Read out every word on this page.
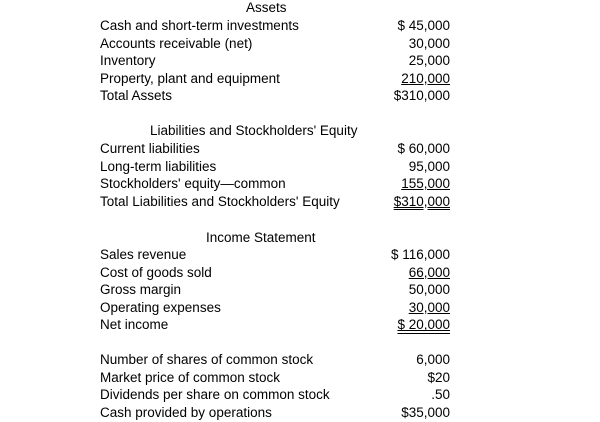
Assets
Cash and short-term investments	$ 45,000
Accounts receivable (net)	30,000
Inventory	25,000
Property, plant and equipment	210,000
Total Assets	$310,000
Liabilities and Stockholders' Equity
Current liabilities	$ 60,000
Long-term liabilities	95,000
Stockholders' equity—common	155,000
Total Liabilities and Stockholders' Equity	$310,000
Income Statement
Sales revenue	$ 116,000
Cost of goods sold	66,000
Gross margin	50,000
Operating expenses	30,000
Net income	$ 20,000
Number of shares of common stock	6,000
Market price of common stock	$20
Dividends per share on common stock	.50
Cash provided by operations	$35,000
